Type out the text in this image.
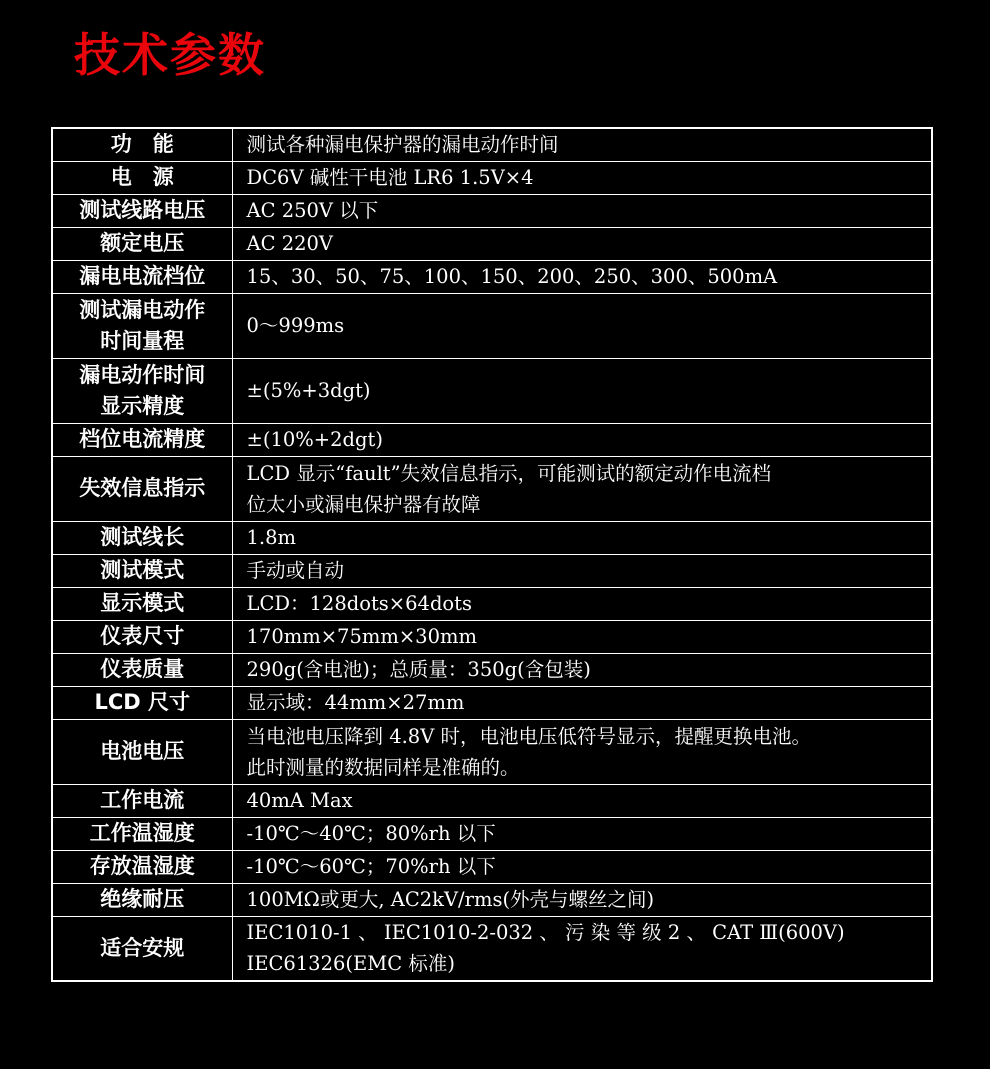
技术参数
功　能	测试各种漏电保护器的漏电动作时间
电　源	DC6V 碱性干电池 LR6 1.5V×4
测试线路电压	AC 250V 以下
额定电压	AC 220V
漏电电流档位	15、30、50、75、100、150、200、250、300、500mA

测试漏电动作
时间量程	0～999ms

漏电动作时间
显示精度	±(5%+3dgt)
档位电流精度	±(10%+2dgt)
失效信息指示	LCD 显示“fault”失效信息指示，可能测试的额定动作电流档
位太小或漏电保护器有故障

测试线长	1.8m
测试模式	手动或自动
显示模式	LCD：128dots×64dots
仪表尺寸	170mm×75mm×30mm
仪表质量	290g(含电池)；总质量：350g(含包装)
LCD 尺寸	显示域：44mm×27mm
电池电压	当电池电压降到 4.8V 时，电池电压低符号显示，提醒更换电池。
此时测量的数据同样是准确的。

工作电流	40mA Max
工作温湿度	-10℃～40℃；80%rh 以下
存放温湿度	-10℃～60℃；70%rh 以下
绝缘耐压	100MΩ或更大, AC2kV/rms(外壳与螺丝之间)
适合安规	IEC1010-1 、 IEC1010-2-032 、 污 染 等 级 2 、 CAT Ⅲ(600V)
IEC61326(EMC 标准)
